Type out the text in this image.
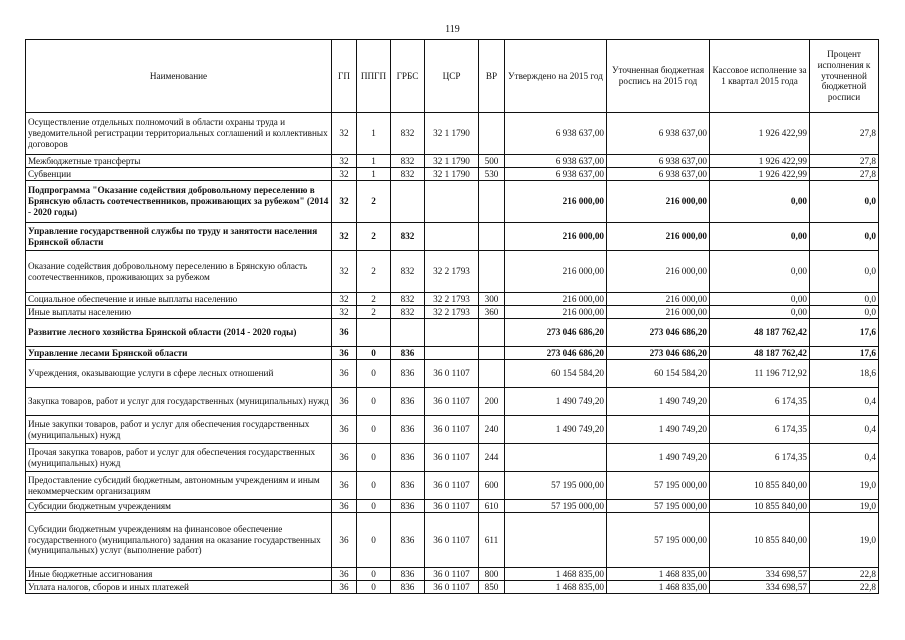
119
Наименование	ГП	ППГП	ГРБС	ЦСР	ВР	Утверждено на 2015 год	Уточненная бюджетная роспись на 2015 год	Кассовое исполнение за 1 квартал 2015 года	Процент исполнения к уточненной бюджетной росписи
Осуществление отдельных полномочий в области охраны труда и уведомительной регистрации территориальных соглашений и коллективных договоров	32	1	832	32 1 1790		6 938 637,00	6 938 637,00	1 926 422,99	27,8
Межбюджетные трансферты	32	1	832	32 1 1790	500	6 938 637,00	6 938 637,00	1 926 422,99	27,8
Субвенции	32	1	832	32 1 1790	530	6 938 637,00	6 938 637,00	1 926 422,99	27,8
Подпрограмма "Оказание содействия добровольному переселению в Брянскую область соотечественников, проживающих за рубежом" (2014 - 2020 годы)	32	2				216 000,00	216 000,00	0,00	0,0
Управление государственной службы по труду и занятости населения Брянской области	32	2	832			216 000,00	216 000,00	0,00	0,0
Оказание содействия добровольному переселению в Брянскую область соотечественников, проживающих за рубежом	32	2	832	32 2 1793		216 000,00	216 000,00	0,00	0,0
Социальное обеспечение и иные выплаты населению	32	2	832	32 2 1793	300	216 000,00	216 000,00	0,00	0,0
Иные выплаты населению	32	2	832	32 2 1793	360	216 000,00	216 000,00	0,00	0,0
Развитие лесного хозяйства Брянской области (2014 - 2020 годы)	36					273 046 686,20	273 046 686,20	48 187 762,42	17,6
Управление лесами Брянской области	36	0	836			273 046 686,20	273 046 686,20	48 187 762,42	17,6
Учреждения, оказывающие услуги в сфере лесных отношений	36	0	836	36 0 1107		60 154 584,20	60 154 584,20	11 196 712,92	18,6
Закупка товаров, работ и услуг для государственных (муниципальных) нужд	36	0	836	36 0 1107	200	1 490 749,20	1 490 749,20	6 174,35	0,4
Иные закупки товаров, работ и услуг для обеспечения государственных (муниципальных) нужд	36	0	836	36 0 1107	240	1 490 749,20	1 490 749,20	6 174,35	0,4
Прочая закупка товаров, работ и услуг для обеспечения государственных (муниципальных) нужд	36	0	836	36 0 1107	244		1 490 749,20	6 174,35	0,4
Предоставление субсидий бюджетным, автономным учреждениям и иным некоммерческим организациям	36	0	836	36 0 1107	600	57 195 000,00	57 195 000,00	10 855 840,00	19,0
Субсидии бюджетным учреждениям	36	0	836	36 0 1107	610	57 195 000,00	57 195 000,00	10 855 840,00	19,0
Субсидии бюджетным учреждениям на финансовое обеспечение государственного (муниципального) задания на оказание государственных (муниципальных) услуг (выполнение работ)	36	0	836	36 0 1107	611		57 195 000,00	10 855 840,00	19,0
Иные бюджетные ассигнования	36	0	836	36 0 1107	800	1 468 835,00	1 468 835,00	334 698,57	22,8
Уплата налогов, сборов и иных платежей	36	0	836	36 0 1107	850	1 468 835,00	1 468 835,00	334 698,57	22,8
